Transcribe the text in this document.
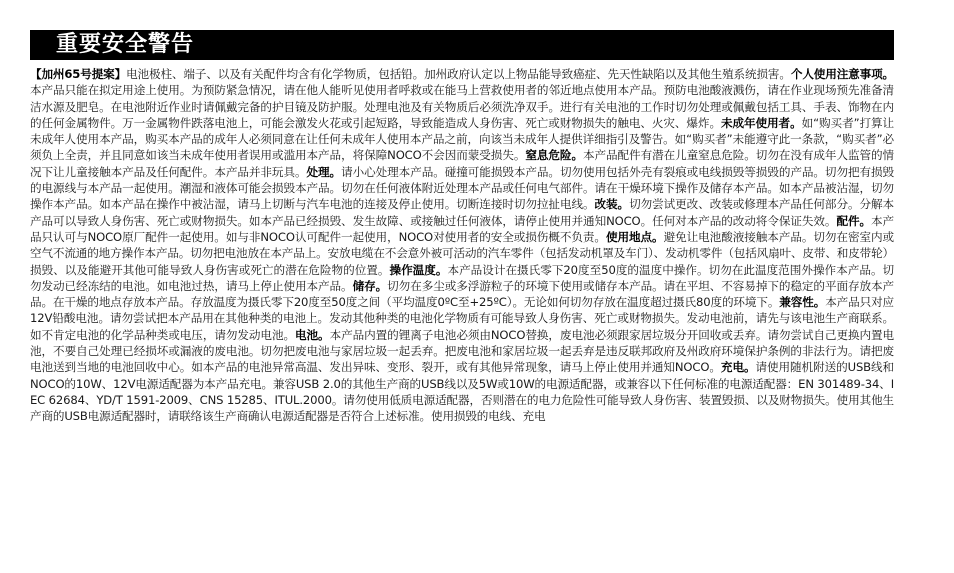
重要安全警告
【加州65号提案】电池极柱、端子、以及有关配件均含有化学物质，包括铅。加州政府认定以上物品能导致癌症、先天性缺陷以及其他生殖系统损害。个人使用注意事项。本产品只能在拟定用途上使用。为预防紧急情况，请在他人能听见使用者呼救或在能马上营救使用者的邻近地点使用本产品。预防电池酸液溅伤，请在作业现场预先准备清洁水源及肥皂。在电池附近作业时请佩戴完备的护目镜及防护服。处理电池及有关物质后必须洗净双手。进行有关电池的工作时切勿处理或佩戴包括工具、手表、饰物在内的任何金属物件。万一金属物件跌落电池上，可能会激发火花或引起短路，导致能造成人身伤害、死亡或财物损失的触电、火灾、爆炸。未成年使用者。如“购买者”打算让未成年人使用本产品，购买本产品的成年人必须同意在让任何未成年人使用本产品之前，向该当未成年人提供详细指引及警告。如“购买者”未能遵守此一条款，“购买者”必须负上全责，并且同意如该当未成年使用者误用或滥用本产品，将保障NOCO不会因而蒙受损失。窒息危险。本产品配件有潜在儿童窒息危险。切勿在没有成年人监管的情况下让儿童接触本产品及任何配件。本产品并非玩具。处理。请小心处理本产品。碰撞可能损毁本产品。切勿使用包括外壳有裂痕或电线损毁等损毁的产品。切勿把有损毁的电源线与本产品一起使用。潮湿和液体可能会损毁本产品。切勿在任何液体附近处理本产品或任何电气部件。请在干燥环境下操作及储存本产品。如本产品被沾湿，切勿操作本产品。如本产品在操作中被沾湿，请马上切断与汽车电池的连接及停止使用。切断连接时切勿拉扯电线。改装。切勿尝试更改、改装或修理本产品任何部分。分解本产品可以导致人身伤害、死亡或财物损失。如本产品已经损毁、发生故障、或接触过任何液体，请停止使用并通知NOCO。任何对本产品的改动将令保证失效。配件。本产品只认可与NOCO原厂配件一起使用。如与非NOCO认可配件一起使用，NOCO对使用者的安全或损伤概不负责。使用地点。避免让电池酸液接触本产品。切勿在密室内或空气不流通的地方操作本产品。切勿把电池放在本产品上。安放电缆在不会意外被可活动的汽车零件（包括发动机罩及车门）、发动机零件（包括风扇叶、皮带、和皮带轮）损毁、以及能避开其他可能导致人身伤害或死亡的潜在危险物的位置。操作温度。本产品设计在摄氏零下20度至50度的温度中操作。切勿在此温度范围外操作本产品。切勿发动已经冻结的电池。如电池过热，请马上停止使用本产品。储存。切勿在多尘或多浮游粒子的环境下使用或储存本产品。请在平坦、不容易掉下的稳定的平面存放本产品。在干燥的地点存放本产品。存放温度为摄氏零下20度至50度之间（平均温度0ºC至+25ºC）。无论如何切勿存放在温度超过摄氏80度的环境下。兼容性。本产品只对应12V铅酸电池。请勿尝试把本产品用在其他种类的电池上。发动其他种类的电池化学物质有可能导致人身伤害、死亡或财物损失。发动电池前，请先与该电池生产商联系。如不肯定电池的化学品种类或电压，请勿发动电池。电池。本产品内置的锂离子电池必须由NOCO替换，废电池必须跟家居垃圾分开回收或丢弃。请勿尝试自己更换内置电池，不要自己处理已经损坏或漏液的废电池。切勿把废电池与家居垃圾一起丢弃。把废电池和家居垃圾一起丢弃是违反联邦政府及州政府环境保护条例的非法行为。请把废电池送到当地的电池回收中心。如本产品的电池异常高温、发出异味、变形、裂开，或有其他异常现象，请马上停止使用并通知NOCO。充电。请使用随机附送的USB线和NOCO的10W、12V电源适配器为本产品充电。兼容USB 2.0的其他生产商的USB线以及5W或10W的电源适配器，或兼容以下任何标准的电源适配器：EN 301489-34、IEC 62684、YD/T 1591-2009、CNS 15285、ITUL.2000。请勿使用低质电源适配器，否则潜在的电力危险性可能导致人身伤害、装置毁损、以及财物损失。使用其他生产商的USB电源适配器时，请联络该生产商确认电源适配器是否符合上述标准。使用损毁的电线、充电
